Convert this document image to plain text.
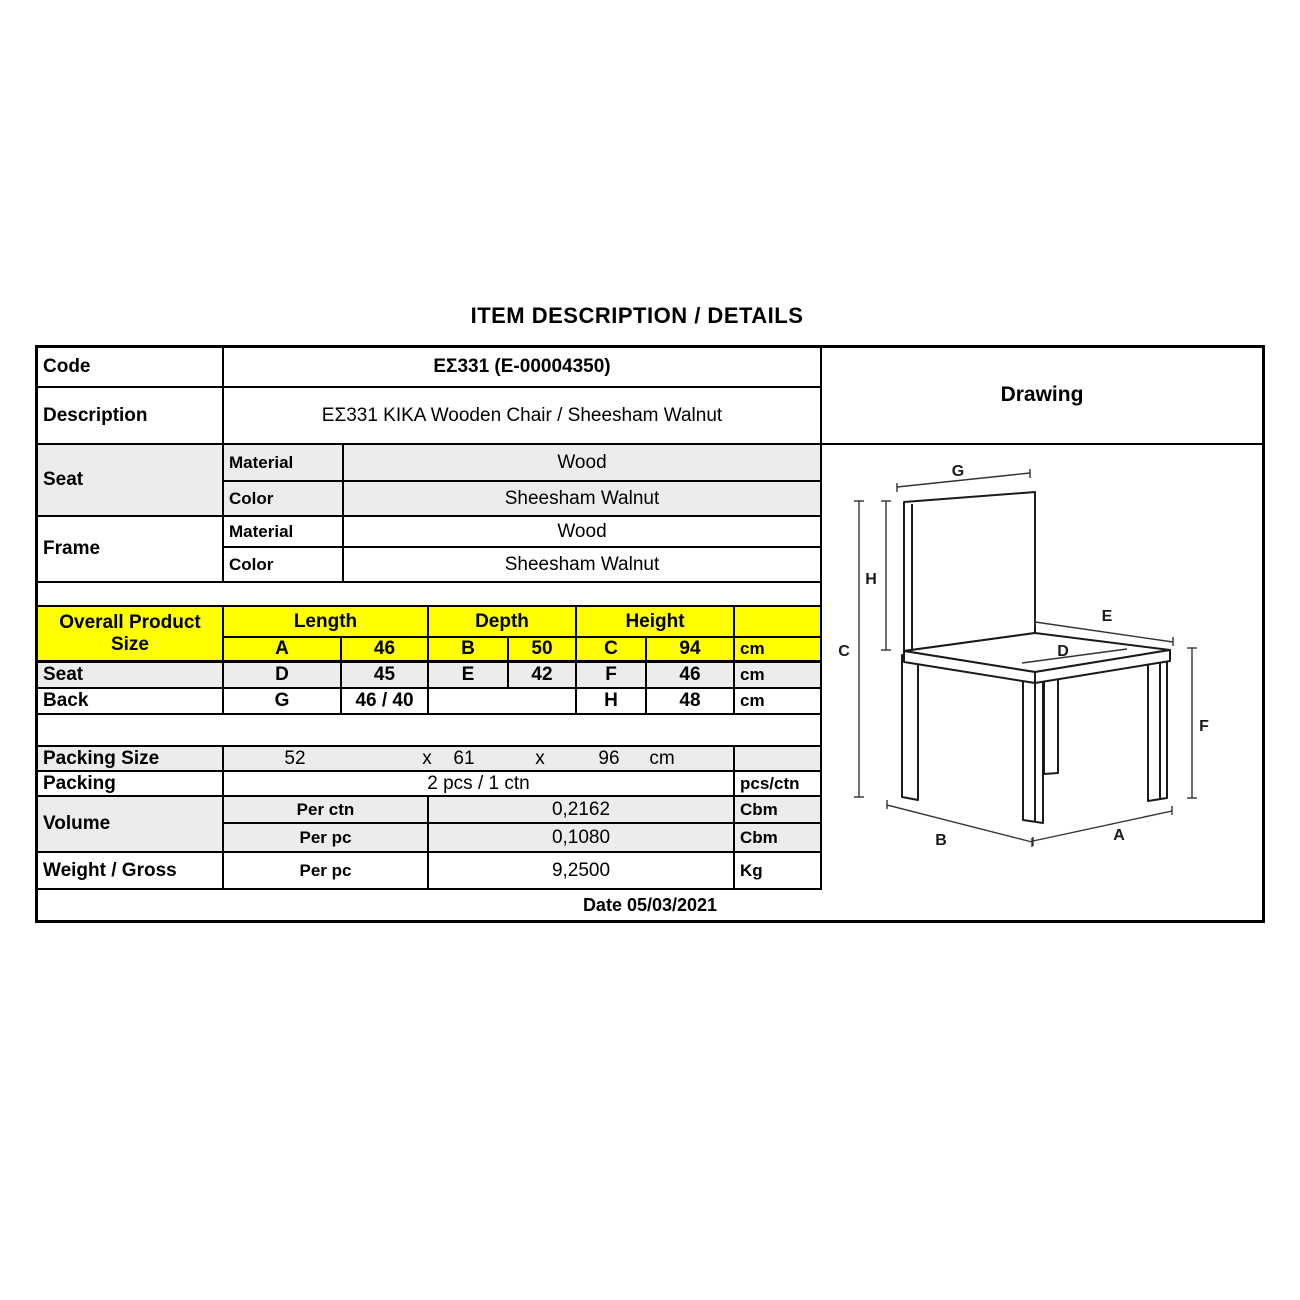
ITEM DESCRIPTION / DETAILS
Code	ΕΣ331 (E-00004350)
Description	ΕΣ331 KIKA Wooden Chair / Sheesham Walnut
Seat
Material	Wood
Color	Sheesham Walnut
Frame
Material	Wood
Color	Sheesham Walnut
Overall Product
Size
Length	Depth	Height
A	46	B	50	C	94	cm
Seat	D	45	E	42	F	46	cm
Back	G	46 / 40	H	48	cm
Packing Size	52	x 61	x	96 cm
Packing	2 pcs / 1 ctn	pcs/ctn
Volume
Per ctn	0,2162	Cbm
Per pc	0,1080	Cbm
Weight / Gross	Per pc	9,2500	Kg
Date 05/03/2021
Drawing
G
H
C
E
D
F
B	A
